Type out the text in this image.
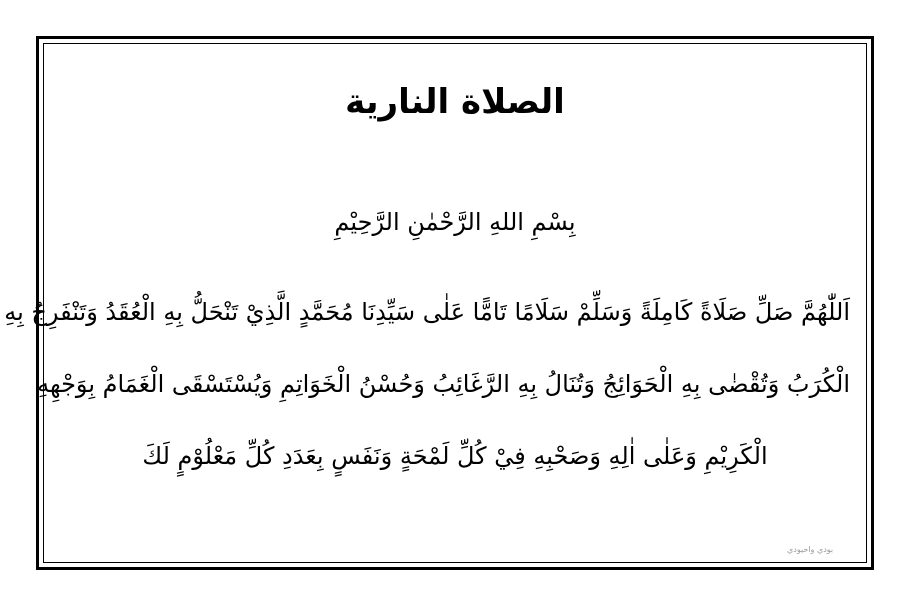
الصلاة النارية

بِسْمِ اللهِ الرَّحْمٰنِ الرَّحِيْمِ

اَللّٰهُمَّ صَلِّ صَلَاةً كَامِلَةً وَسَلِّمْ سَلَامًا تَامًّا عَلٰى سَيِّدِنَا مُحَمَّدٍ الَّذِيْ تَنْحَلُّ بِهِ الْعُقَدُ وَتَنْفَرِجُ بِهِ

الْكُرَبُ وَتُقْضٰى بِهِ الْحَوَائِجُ وَتُنَالُ بِهِ الرَّغَائِبُ وَحُسْنُ الْخَوَاتِمِ وَيُسْتَسْقَى الْغَمَامُ بِوَجْهِهِ

الْكَرِيْمِ وَعَلٰى اٰلِهِ وَصَحْبِهِ فِيْ كُلِّ لَمْحَةٍ وَنَفَسٍ بِعَدَدِ كُلِّ مَعْلُوْمٍ لَكَ

بودي واحيودي
